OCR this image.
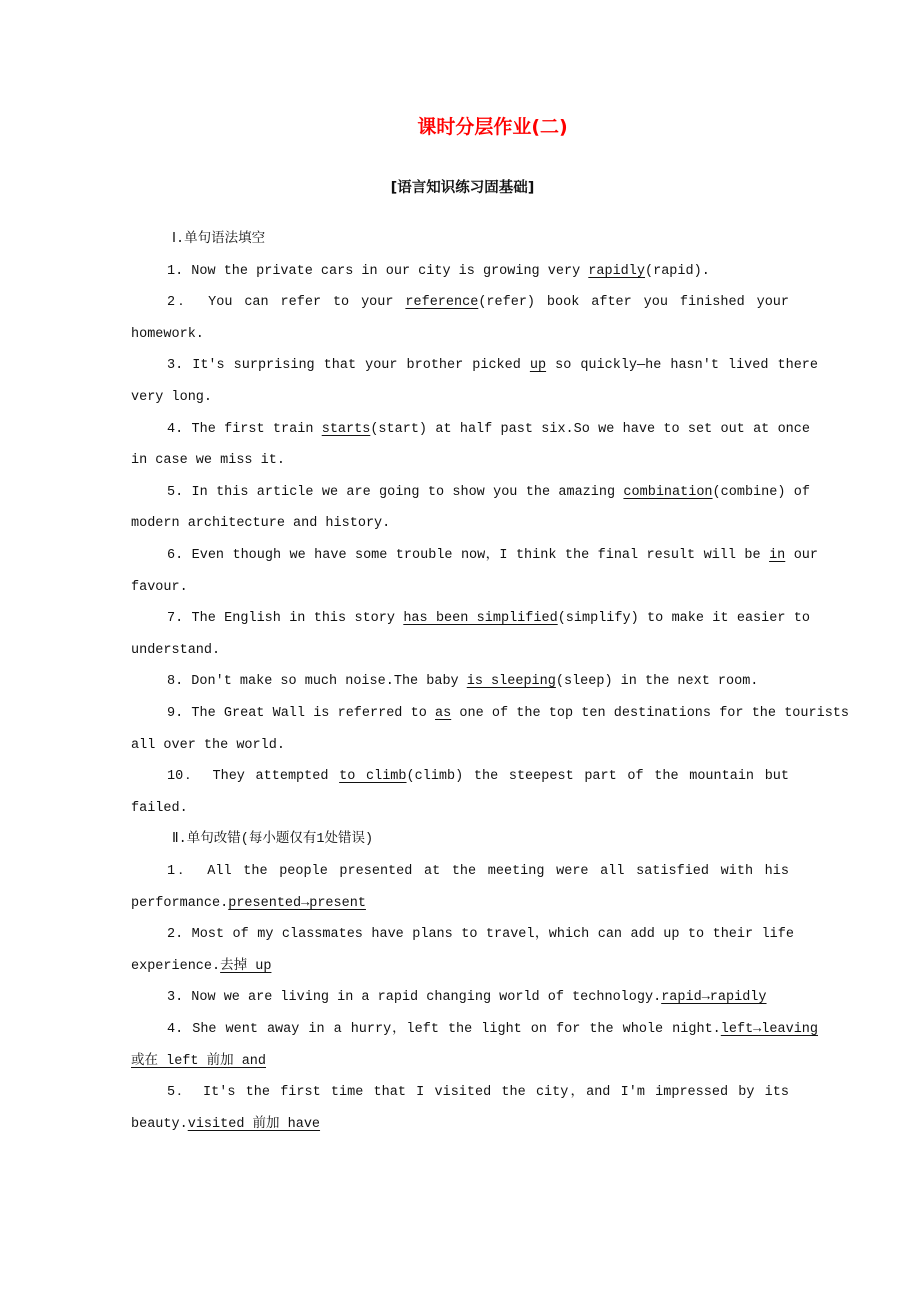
课时分层作业(二)
[语言知识练习固基础]
Ⅰ.单句语法填空
1. Now the private cars in our city is growing very rapidly(rapid).
2． You can refer to your reference(refer) book after you finished your
homework.
3. It's surprising that your brother picked up so quickly—he hasn't lived there
very long.
4. The first train starts(start) at half past six.So we have to set out at once
in case we miss it.
5. In this article we are going to show you the amazing combination(combine) of
modern architecture and history.
6. Even though we have some trouble now，I think the final result will be in our
favour.
7. The English in this story has been simplified(simplify) to make it easier to
understand.
8. Don't make so much noise.The baby is sleeping(sleep) in the next room.
9. The Great Wall is referred to as one of the top ten destinations for the tourists
all over the world.
10． They attempted to climb(climb) the steepest part of the mountain but
failed.
Ⅱ.单句改错(每小题仅有1处错误)
1． All the people presented at the meeting were all satisfied with his
performance.presented→present
2. Most of my classmates have plans to travel，which can add up to their life
experience.去掉 up
3. Now we are living in a rapid changing world of technology.rapid→rapidly
4. She went away in a hurry，left the light on for the whole night.left→leaving
或在 left 前加 and
5． It's the first time that I visited the city，and I'm impressed by its
beauty.visited 前加 have
